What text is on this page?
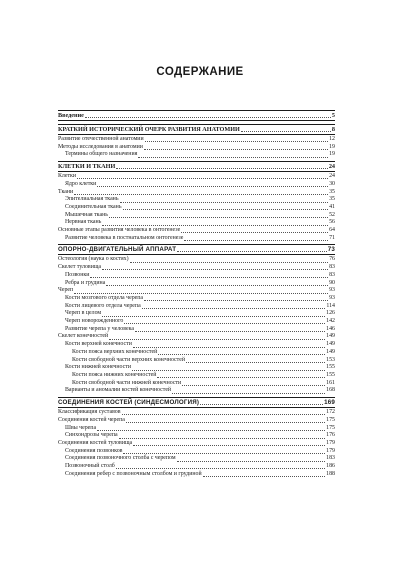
СОДЕРЖАНИЕ
Введение	5
КРАТКИЙ ИСТОРИЧЕСКИЙ ОЧЕРК РАЗВИТИЯ АНАТОМИИ	8
Развитие отечественной анатомии	12
Методы исследования в анатомии	19
Термины общего назначения	19
КЛЕТКИ И ТКАНИ	24
Клетки	24
Ядро клетки	30
Ткани	35
Эпителиальная ткань	35
Соединительная ткань	41
Мышечная ткань	52
Нервная ткань	56
Основные этапы развития человека в онтогенезе	64
Развитие человека в постнатальном онтогенезе	71
ОПОРНО-ДВИГАТЕЛЬНЫЙ АППАРАТ	73
Остеология (наука о костях)	76
Скелет туловища	83
Позвонки	83
Ребра и грудина	90
Череп	93
Кости мозгового отдела черепа	93
Кости лицевого отдела черепа	114
Череп в целом	126
Череп новорожденного	142
Развитие черепа у человека	146
Скелет конечностей	149
Кости верхней конечности	149
Кости пояса верхних конечностей	149
Кости свободной части верхних конечностей	153
Кости нижней конечности	155
Кости пояса нижних конечностей	155
Кости свободной части нижней конечности	161
Варианты и аномалии костей конечностей	168
СОЕДИНЕНИЯ КОСТЕЙ (СИНДЕСМОЛОГИЯ)	169
Классификация суставов	172
Соединения костей черепа	175
Швы черепа	175
Синхондрозы черепа	176
Соединения костей туловища	179
Соединения позвонков	179
Соединения позвоночного столба с черепом	183
Позвоночный столб	186
Соединения ребер с позвоночным столбом и грудиной	188
